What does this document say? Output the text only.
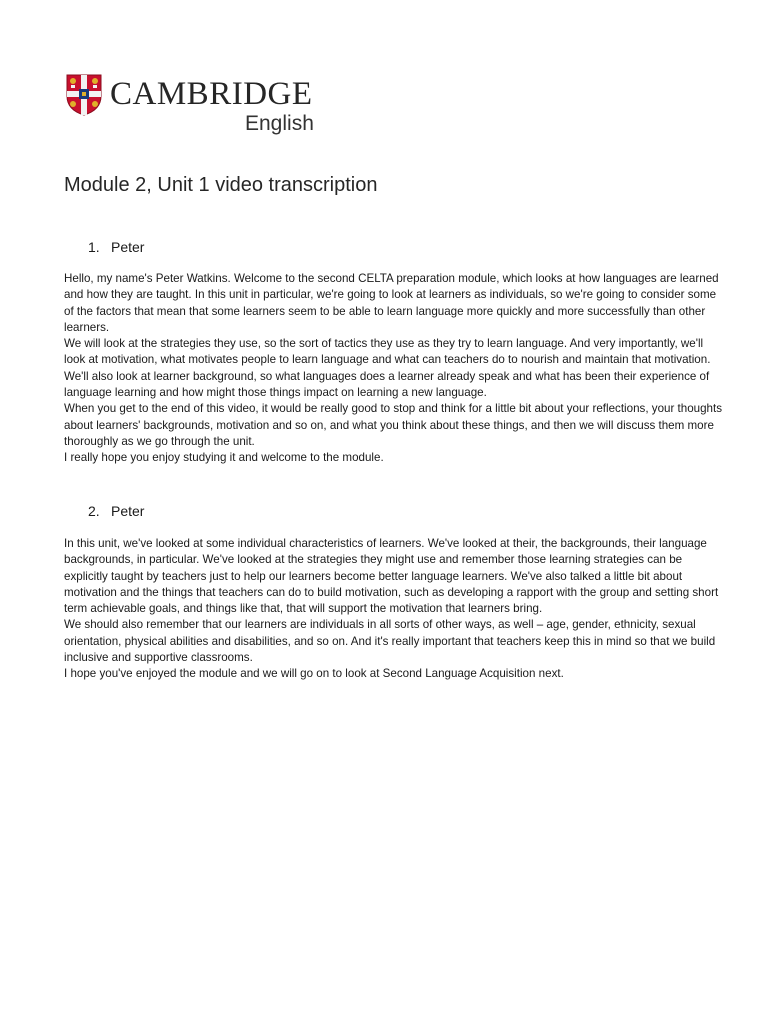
CAMBRIDGE
English
Module 2, Unit 1 video transcription
1. Peter

Hello, my name's Peter Watkins. Welcome to the second CELTA preparation module, which looks at how languages are learned and how they are taught. In this unit in particular, we're going to look at learners as individuals, so we're going to consider some of the factors that mean that some learners seem to be able to learn language more quickly and more successfully than other learners.

We will look at the strategies they use, so the sort of tactics they use as they try to learn language. And very importantly, we'll look at motivation, what motivates people to learn language and what can teachers do to nourish and maintain that motivation.

We'll also look at learner background, so what languages does a learner already speak and what has been their experience of language learning and how might those things impact on learning a new language.

When you get to the end of this video, it would be really good to stop and think for a little bit about your reflections, your thoughts about learners' backgrounds, motivation and so on, and what you think about these things, and then we will discuss them more thoroughly as we go through the unit.

I really hope you enjoy studying it and welcome to the module.

2. Peter

In this unit, we've looked at some individual characteristics of learners. We've looked at their, the backgrounds, their language backgrounds, in particular. We've looked at the strategies they might use and remember those learning strategies can be explicitly taught by teachers just to help our learners become better language learners. We've also talked a little bit about motivation and the things that teachers can do to build motivation, such as developing a rapport with the group and setting short term achievable goals, and things like that, that will support the motivation that learners bring.

We should also remember that our learners are individuals in all sorts of other ways, as well – age, gender, ethnicity, sexual orientation, physical abilities and disabilities, and so on. And it's really important that teachers keep this in mind so that we build inclusive and supportive classrooms.

I hope you've enjoyed the module and we will go on to look at Second Language Acquisition next.
